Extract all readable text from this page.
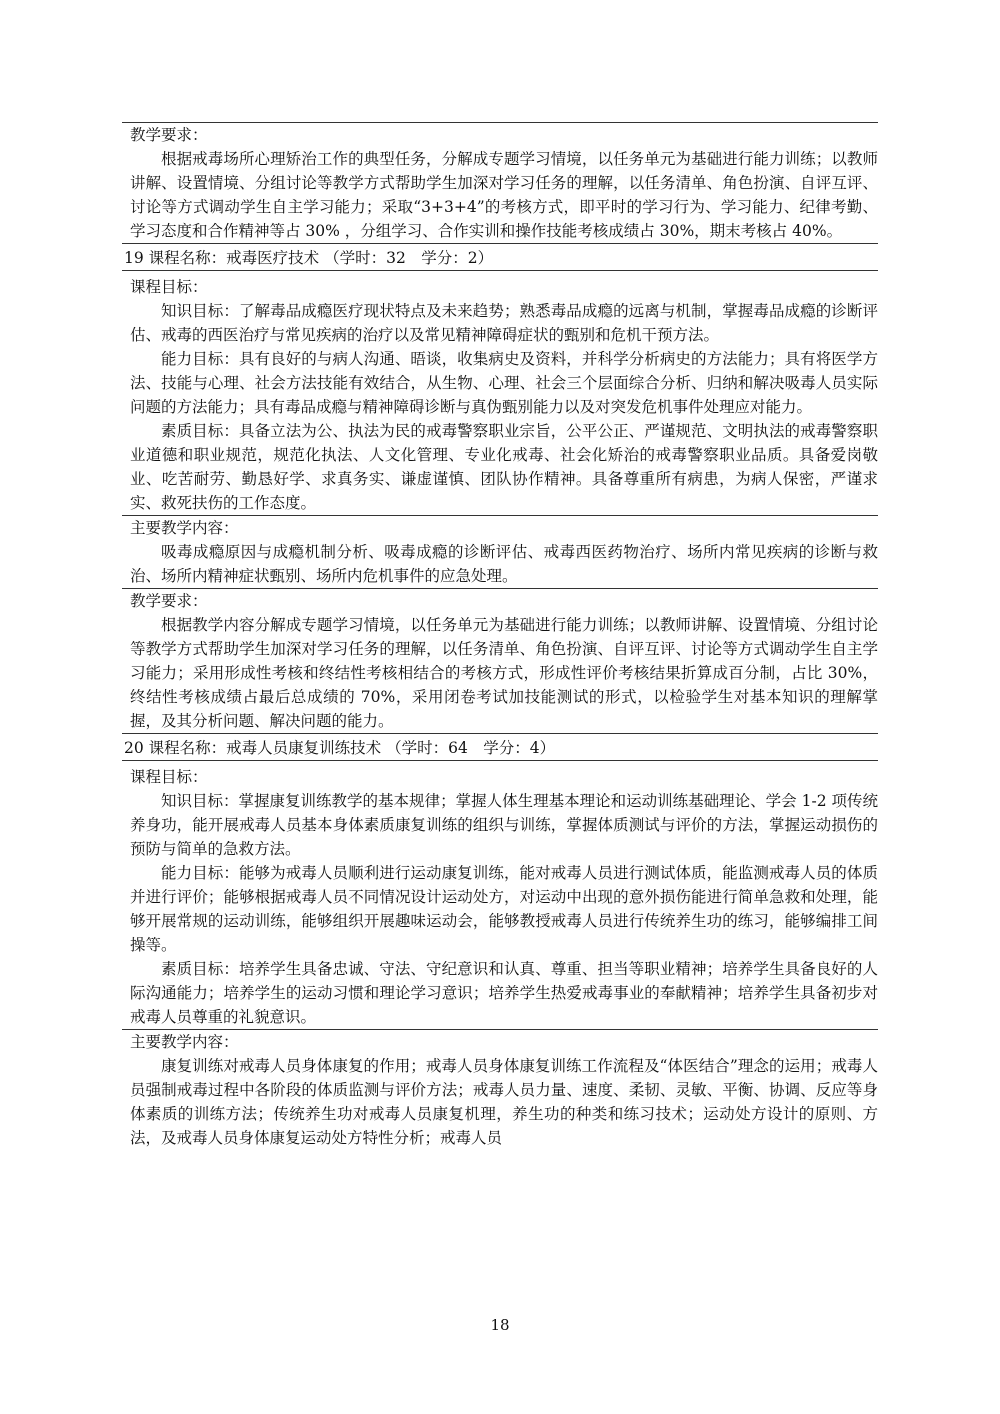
教学要求：

根据戒毒场所心理矫治工作的典型任务，分解成专题学习情境，以任务单元为基础进行能力训练；以教师讲解、设置情境、分组讨论等教学方式帮助学生加深对学习任务的理解，以任务清单、角色扮演、自评互评、讨论等方式调动学生自主学习能力；采取“3+3+4”的考核方式，即平时的学习行为、学习能力、纪律考勤、学习态度和合作精神等占 30% ，分组学习、合作实训和操作技能考核成绩占 30%，期末考核占 40%。

19 课程名称：戒毒医疗技术 （学时：32　学分：2）
课程目标：

知识目标：了解毒品成瘾医疗现状特点及未来趋势；熟悉毒品成瘾的远离与机制，掌握毒品成瘾的诊断评估、戒毒的西医治疗与常见疾病的治疗以及常见精神障碍症状的甄别和危机干预方法。

能力目标：具有良好的与病人沟通、晤谈，收集病史及资料，并科学分析病史的方法能力；具有将医学方法、技能与心理、社会方法技能有效结合，从生物、心理、社会三个层面综合分析、归纳和解决吸毒人员实际问题的方法能力；具有毒品成瘾与精神障碍诊断与真伪甄别能力以及对突发危机事件处理应对能力。

素质目标：具备立法为公、执法为民的戒毒警察职业宗旨，公平公正、严谨规范、文明执法的戒毒警察职业道德和职业规范，规范化执法、人文化管理、专业化戒毒、社会化矫治的戒毒警察职业品质。具备爱岗敬业、吃苦耐劳、勤恳好学、求真务实、谦虚谨慎、团队协作精神。具备尊重所有病患，为病人保密，严谨求实、救死扶伤的工作态度。

主要教学内容：

吸毒成瘾原因与成瘾机制分析、吸毒成瘾的诊断评估、戒毒西医药物治疗、场所内常见疾病的诊断与救治、场所内精神症状甄别、场所内危机事件的应急处理。

教学要求：

根据教学内容分解成专题学习情境，以任务单元为基础进行能力训练；以教师讲解、设置情境、分组讨论等教学方式帮助学生加深对学习任务的理解，以任务清单、角色扮演、自评互评、讨论等方式调动学生自主学习能力；采用形成性考核和终结性考核相结合的考核方式，形成性评价考核结果折算成百分制，占比 30%，终结性考核成绩占最后总成绩的 70%，采用闭卷考试加技能测试的形式，以检验学生对基本知识的理解掌握，及其分析问题、解决问题的能力。

20 课程名称：戒毒人员康复训练技术 （学时：64　学分：4）
课程目标：

知识目标：掌握康复训练教学的基本规律；掌握人体生理基本理论和运动训练基础理论、学会 1-2 项传统养身功，能开展戒毒人员基本身体素质康复训练的组织与训练，掌握体质测试与评价的方法，掌握运动损伤的预防与简单的急救方法。

能力目标：能够为戒毒人员顺利进行运动康复训练，能对戒毒人员进行测试体质，能监测戒毒人员的体质并进行评价；能够根据戒毒人员不同情况设计运动处方，对运动中出现的意外损伤能进行简单急救和处理，能够开展常规的运动训练，能够组织开展趣味运动会，能够教授戒毒人员进行传统养生功的练习，能够编排工间操等。

素质目标：培养学生具备忠诚、守法、守纪意识和认真、尊重、担当等职业精神；培养学生具备良好的人际沟通能力；培养学生的运动习惯和理论学习意识；培养学生热爱戒毒事业的奉献精神；培养学生具备初步对戒毒人员尊重的礼貌意识。

主要教学内容：

康复训练对戒毒人员身体康复的作用；戒毒人员身体康复训练工作流程及“体医结合”理念的运用；戒毒人员强制戒毒过程中各阶段的体质监测与评价方法；戒毒人员力量、速度、柔韧、灵敏、平衡、协调、反应等身体素质的训练方法；传统养生功对戒毒人员康复机理，养生功的种类和练习技术；运动处方设计的原则、方法，及戒毒人员身体康复运动处方特性分析；戒毒人员

18
